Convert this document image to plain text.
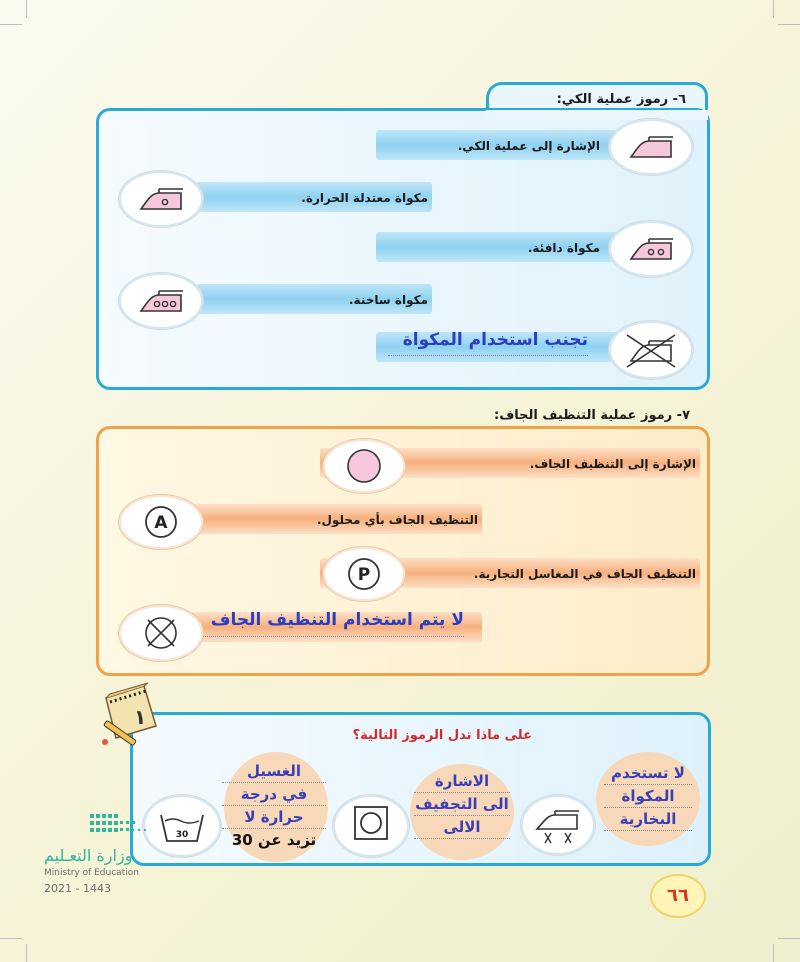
٦- رموز عملية الكي:
الإشارة إلى عملية الكي.
مكواة معتدلة الحرارة.
مكواة دافئة.
مكواة ساخنة.
تجنب استخدام المكواة
٧- رموز عملية التنظيف الجاف:
الإشارة إلى التنظيف الجاف.
التنظيف الجاف بأي محلول.
A
التنظيف الجاف في المغاسل التجارية.
P
لا يتم استخدام التنظيف الجاف
١
على ماذا تدل الرموز التالية؟
لا تستخدم
المكواة
البخارية
الاشارة
الى التجفيف
الالى
الغسيل
في درجة
حرارة لا
تزيد عن 30
30
وزارة التعـليم
Ministry of Education
2021 - 1443	٦٦
